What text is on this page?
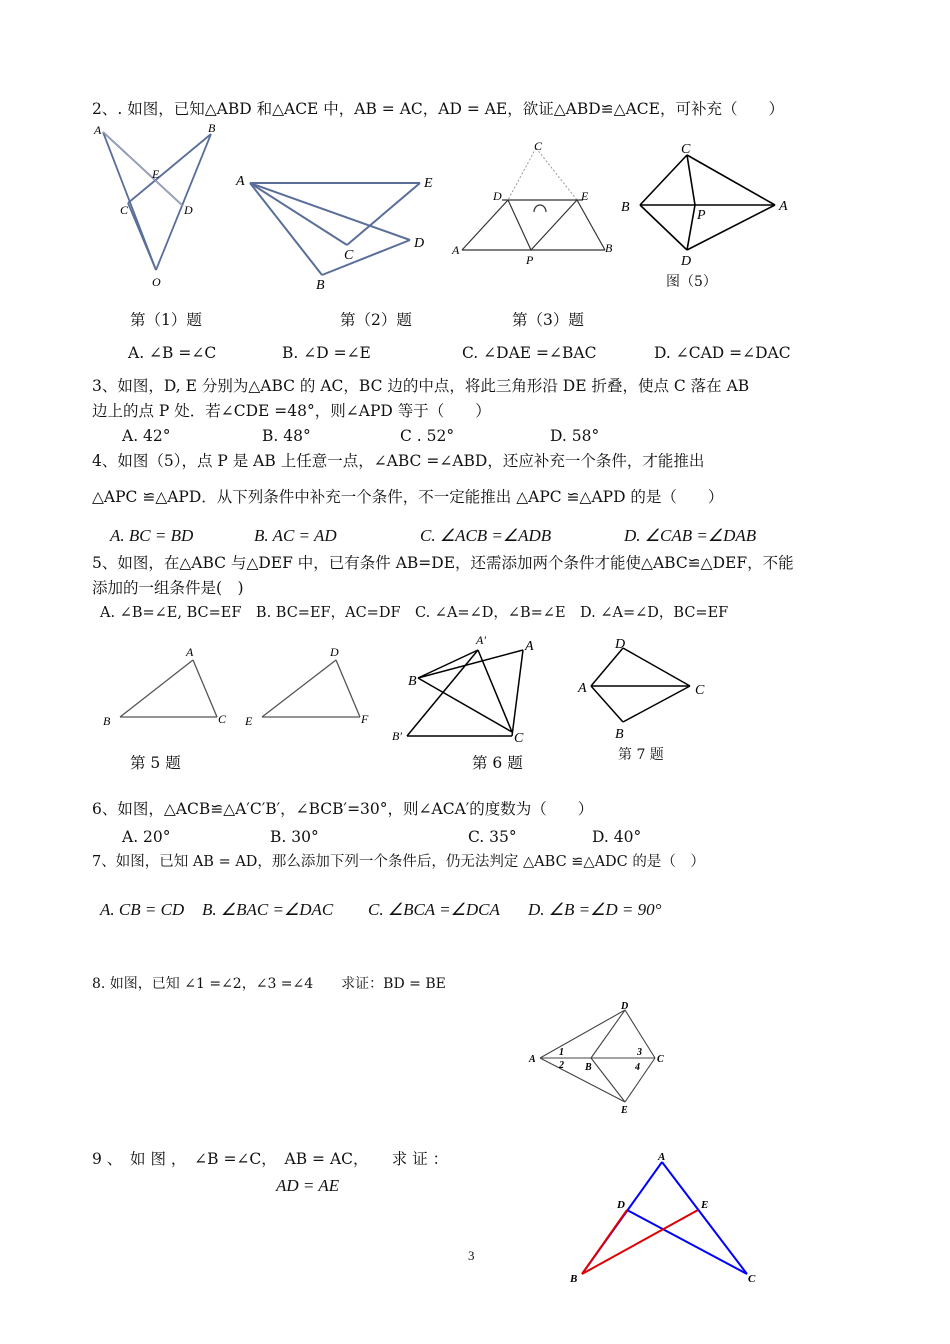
2、. 如图，已知△ABD 和△ACE 中，AB = AC，AD = AE，欲证△ABD≌△ACE，可补充（　　）
A	B
E
C	D
O
A	E
C
D
B
C
D	E
A
P
B
C
B
P
A
D
图（5）
第（1）题	第（2）题	第（3）题
A. ∠B =∠C	B. ∠D =∠E	C. ∠DAE =∠BAC	D. ∠CAD =∠DAC
3、如图，D, E 分别为△ABC 的 AC，BC 边的中点，将此三角形沿 DE 折叠，使点 C 落在 AB
边上的点 P 处．若∠CDE =48°，则∠APD 等于（　　）
A. 42°	B. 48°	C . 52°	D. 58°
4、如图（5），点 P 是 AB 上任意一点，∠ABC =∠ABD，还应补充一个条件，才能推出
△APC ≌△APD．从下列条件中补充一个条件，不一定能推出 △APC ≌△APD 的是（　　）
A. BC = BD	B. AC = AD	C. ∠ACB =∠ADB	D. ∠CAB =∠DAB
5、如图，在△ABC 与△DEF 中，已有条件 AB=DE，还需添加两个条件才能使△ABC≌△DEF，不能
添加的一组条件是(　)
A. ∠B=∠E, BC=EF　B. BC=EF，AC=DF　C. ∠A=∠D，∠B=∠E　D. ∠A=∠D，BC=EF
A
B	C
D
E	F
A′	A
B
B′	C
D
A	C
B
第 5 题	第 6 题	第 7 题
6、如图，△ACB≌△A′C′B′，∠BCB′=30°，则∠ACA′的度数为（　　）
A. 20°	B. 30°	C. 35°	D. 40°
7、如图，已知 AB = AD，那么添加下列一个条件后，仍无法判定 △ABC ≌△ADC 的是（　）
A. CB = CD B. ∠BAC =∠DAC C. ∠BCA =∠DCA D. ∠B =∠D = 90°
8. 如图，已知 ∠1 =∠2，∠3 =∠4　　求证：BD = BE
D
A
1
2 B
3
4
C
E
9 、　如 图 ，　∠B =∠C，　AB = AC，　　求 证 ：
AD = AE
A
D	E
B	C
3
